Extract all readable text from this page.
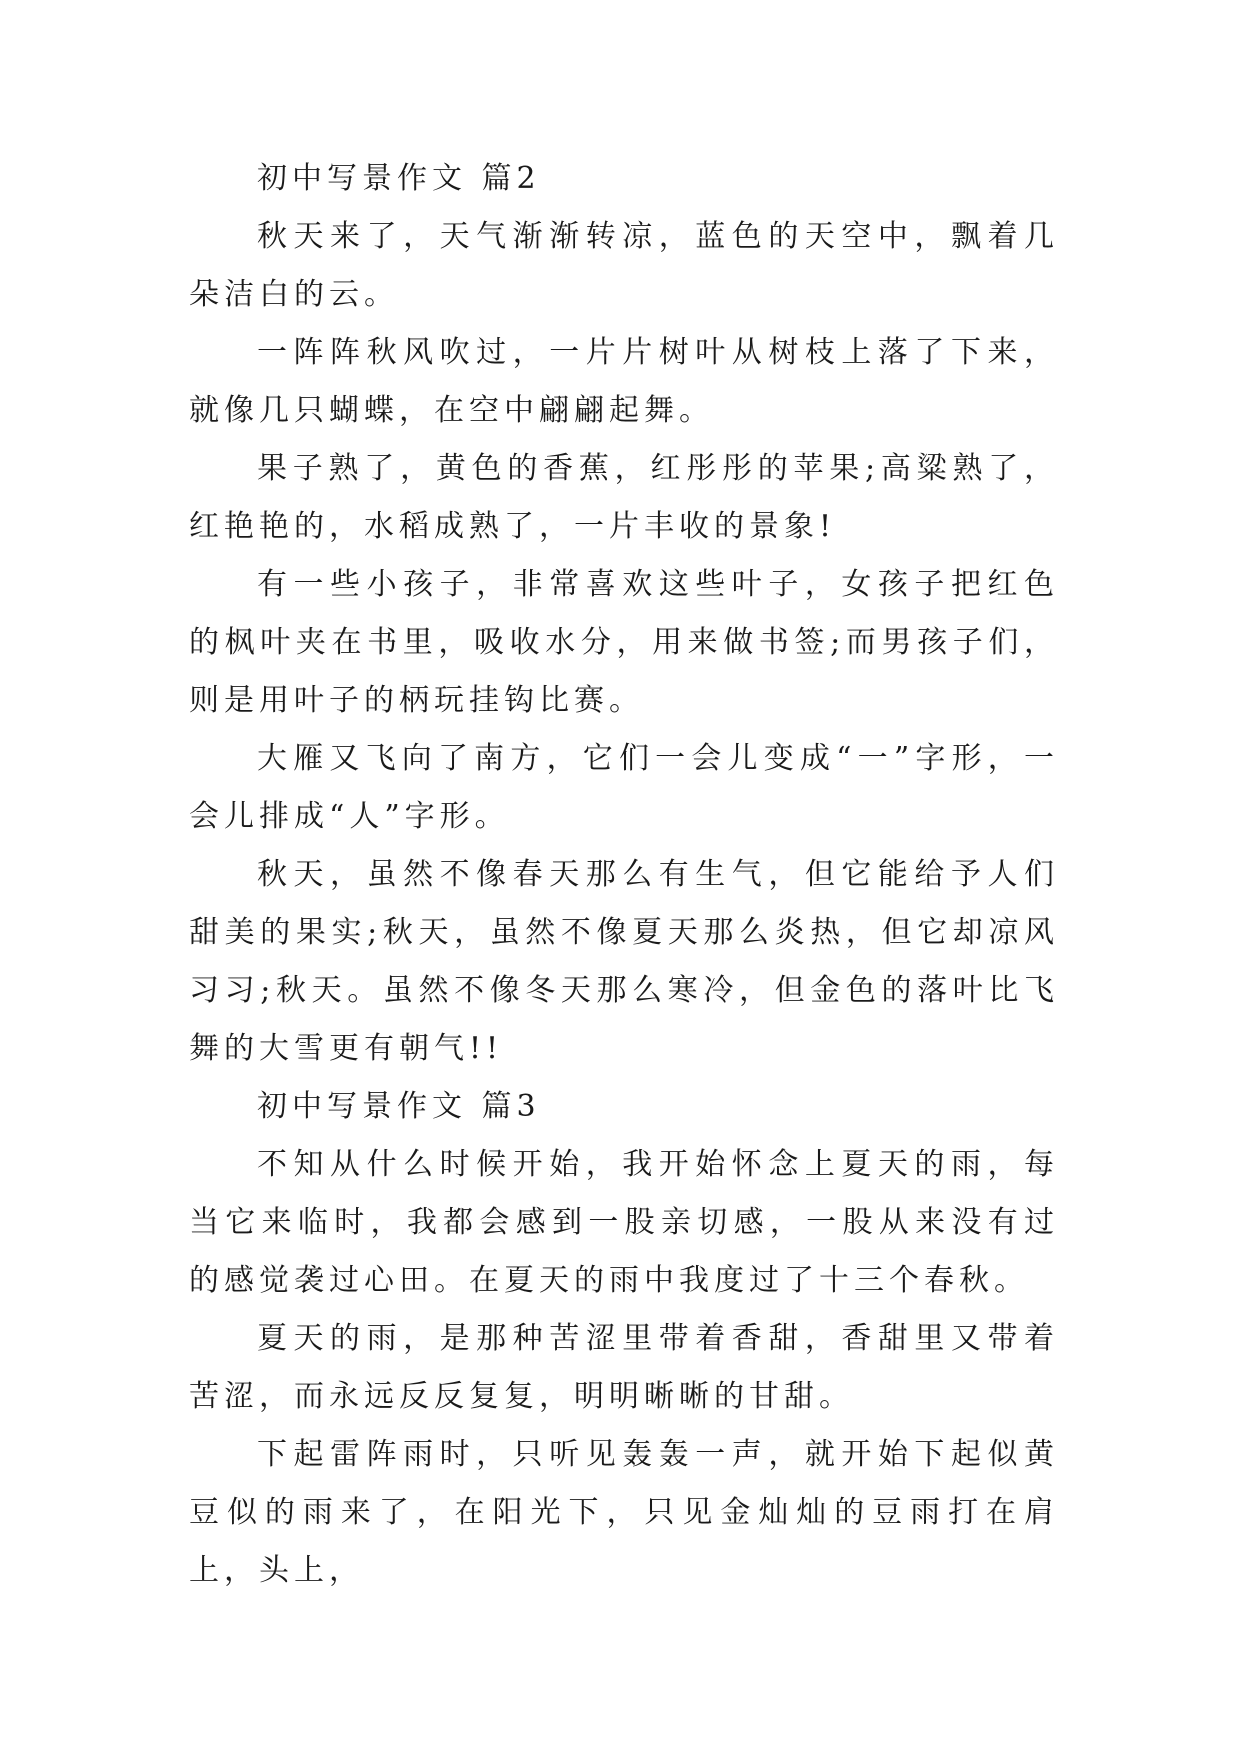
初中写景作文 篇2

秋天来了，天气渐渐转凉，蓝色的天空中，飘着几朵洁白的云。

一阵阵秋风吹过，一片片树叶从树枝上落了下来，就像几只蝴蝶，在空中翩翩起舞。

果子熟了，黄色的香蕉，红彤彤的苹果;高粱熟了，红艳艳的，水稻成熟了，一片丰收的景象!

有一些小孩子，非常喜欢这些叶子，女孩子把红色的枫叶夹在书里，吸收水分，用来做书签;而男孩子们，则是用叶子的柄玩挂钩比赛。

大雁又飞向了南方，它们一会儿变成“一”字形，一会儿排成“人”字形。

秋天，虽然不像春天那么有生气，但它能给予人们甜美的果实;秋天，虽然不像夏天那么炎热，但它却凉风习习;秋天。虽然不像冬天那么寒冷，但金色的落叶比飞舞的大雪更有朝气!!

初中写景作文 篇3

不知从什么时候开始，我开始怀念上夏天的雨，每当它来临时，我都会感到一股亲切感，一股从来没有过的感觉袭过心田。在夏天的雨中我度过了十三个春秋。

夏天的雨，是那种苦涩里带着香甜，香甜里又带着苦涩，而永远反反复复，明明晰晰的甘甜。

下起雷阵雨时，只听见轰轰一声，就开始下起似黄豆似的雨来了，在阳光下，只见金灿灿的豆雨打在肩上，头上，
